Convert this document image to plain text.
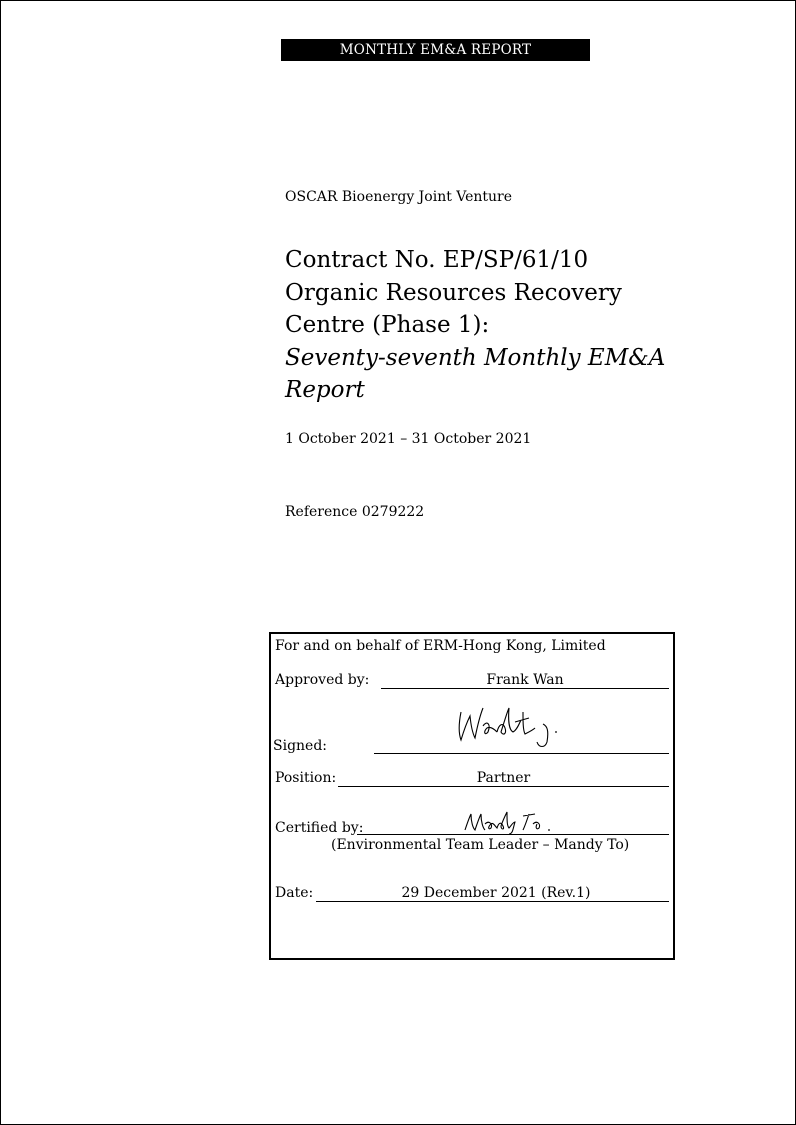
MONTHLY EM&A REPORT
OSCAR Bioenergy Joint Venture
Contract No. EP/SP/61/10
Organic Resources Recovery
Centre (Phase 1):
Seventy-seventh Monthly EM&A
Report
1 October 2021 – 31 October 2021
Reference 0279222
For and on behalf of ERM-Hong Kong, Limited
Approved by:	Frank Wan
Signed:
Position:	Partner
Certified by:
(Environmental Team Leader – Mandy To)
Date:	29 December 2021 (Rev.1)
